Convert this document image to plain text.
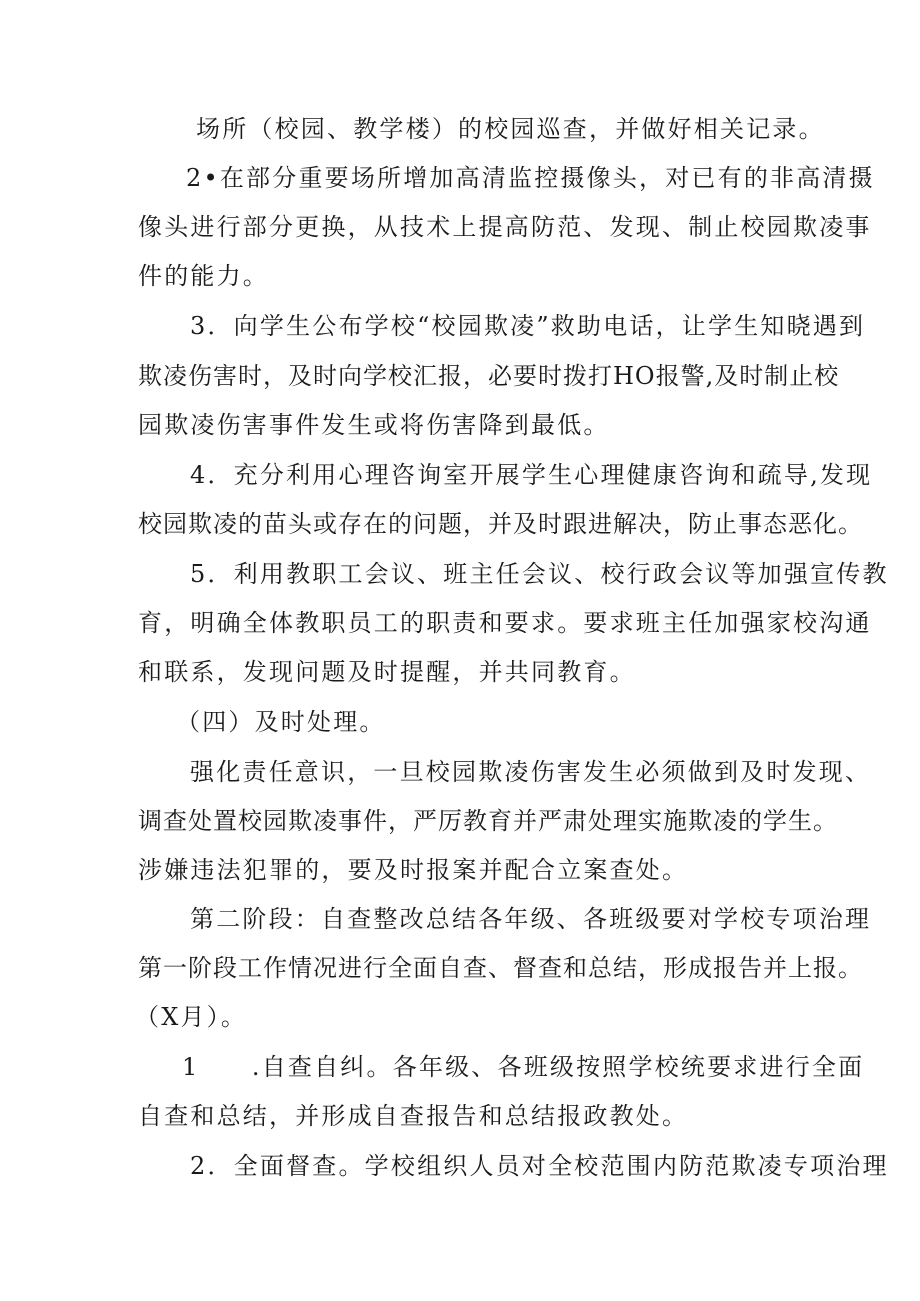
场所（校园、教学楼）的校园巡查，并做好相关记录。
2•在部分重要场所增加高清监控摄像头，对已有的非高清摄
像头进行部分更换，从技术上提高防范、发现、制止校园欺凌事
件的能力。
3．向学生公布学校“校园欺凌”救助电话，让学生知晓遇到
欺凌伤害时，及时向学校汇报，必要时拨打HO报警,及时制止校
园欺凌伤害事件发生或将伤害降到最低。
4．充分利用心理咨询室开展学生心理健康咨询和疏导,发现
校园欺凌的苗头或存在的问题，并及时跟进解决，防止事态恶化。
5．利用教职工会议、班主任会议、校行政会议等加强宣传教
育，明确全体教职员工的职责和要求。要求班主任加强家校沟通
和联系，发现问题及时提醒，并共同教育。
（四）及时处理。
强化责任意识，一旦校园欺凌伤害发生必须做到及时发现、
调查处置校园欺凌事件，严厉教育并严肃处理实施欺凌的学生。
涉嫌违法犯罪的，要及时报案并配合立案查处。
第二阶段：自查整改总结各年级、各班级要对学校专项治理
第一阶段工作情况进行全面自查、督查和总结，形成报告并上报。
（X月）。
1　　.自查自纠。各年级、各班级按照学校统要求进行全面
自查和总结，并形成自查报告和总结报政教处。
2．全面督查。学校组织人员对全校范围内防范欺凌专项治理
